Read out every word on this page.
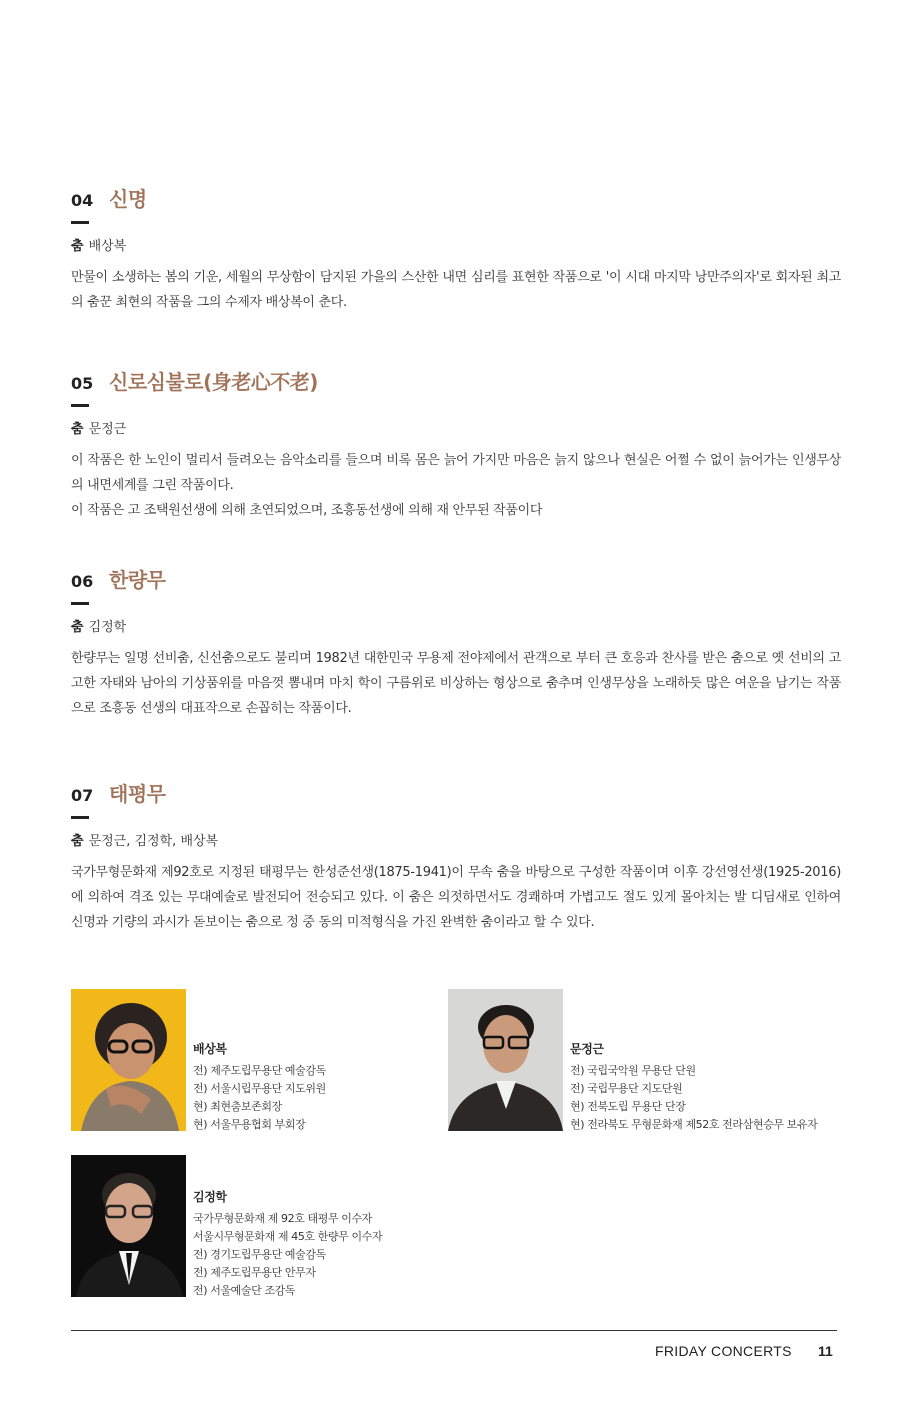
04 신명
춤 배상복

만물이 소생하는 봄의 기운, 세월의 무상함이 담지된 가을의 스산한 내면 심리를 표현한 작품으로 '이 시대 마지막 낭만주의자'로 회자된 최고의 춤꾼 최현의 작품을 그의 수제자 배상복이 춘다.

05 신로심불로(身老心不老)
춤 문정근

이 작품은 한 노인이 멀리서 들려오는 음악소리를 들으며 비록 몸은 늙어 가지만 마음은 늙지 않으나 현실은 어쩔 수 없이 늙어가는 인생무상의 내면세계를 그린 작품이다.

이 작품은 고 조택원선생에 의해 초연되었으며, 조흥동선생에 의해 재 안무된 작품이다

06 한량무
춤 김정학

한량무는 일명 선비춤, 신선춤으로도 불리며 1982년 대한민국 무용제 전야제에서 관객으로 부터 큰 호응과 찬사를 받은 춤으로 옛 선비의 고고한 자태와 남아의 기상품위를 마음껏 뽐내며 마치 학이 구름위로 비상하는 형상으로 춤추며 인생무상을 노래하듯 많은 여운을 남기는 작품으로 조흥동 선생의 대표작으로 손꼽히는 작품이다.

07 태평무
춤 문정근, 김정학, 배상복

국가무형문화재 제92호로 지정된 태평무는 한성준선생(1875-1941)이 무속 춤을 바탕으로 구성한 작품이며 이후 강선영선생(1925-2016)에 의하여 격조 있는 무대예술로 발전되어 전승되고 있다. 이 춤은 의젓하면서도 경쾌하며 가볍고도 절도 있게 몰아치는 발 디딤새로 인하여 신명과 기량의 과시가 돋보이는 춤으로 정 중 동의 미적형식을 가진 완벽한 춤이라고 할 수 있다.

배상복
전) 제주도립무용단 예술감독
전) 서울시립무용단 지도위원
현) 최현춤보존회장
현) 서울무용협회 부회장
문정근
전) 국립국악원 무용단 단원
전) 국립무용단 지도단원
현) 전북도립 무용단 단장
현) 전라북도 무형문화재 제52호 전라삼현승무 보유자
김정학
국가무형문화재 제 92호 태평무 이수자
서울시무형문화재 제 45호 한량무 이수자
전) 경기도립무용단 예술감독
전) 제주도립무용단 안무자
전) 서울예술단 조감독
FRIDAY CONCERTS 11
